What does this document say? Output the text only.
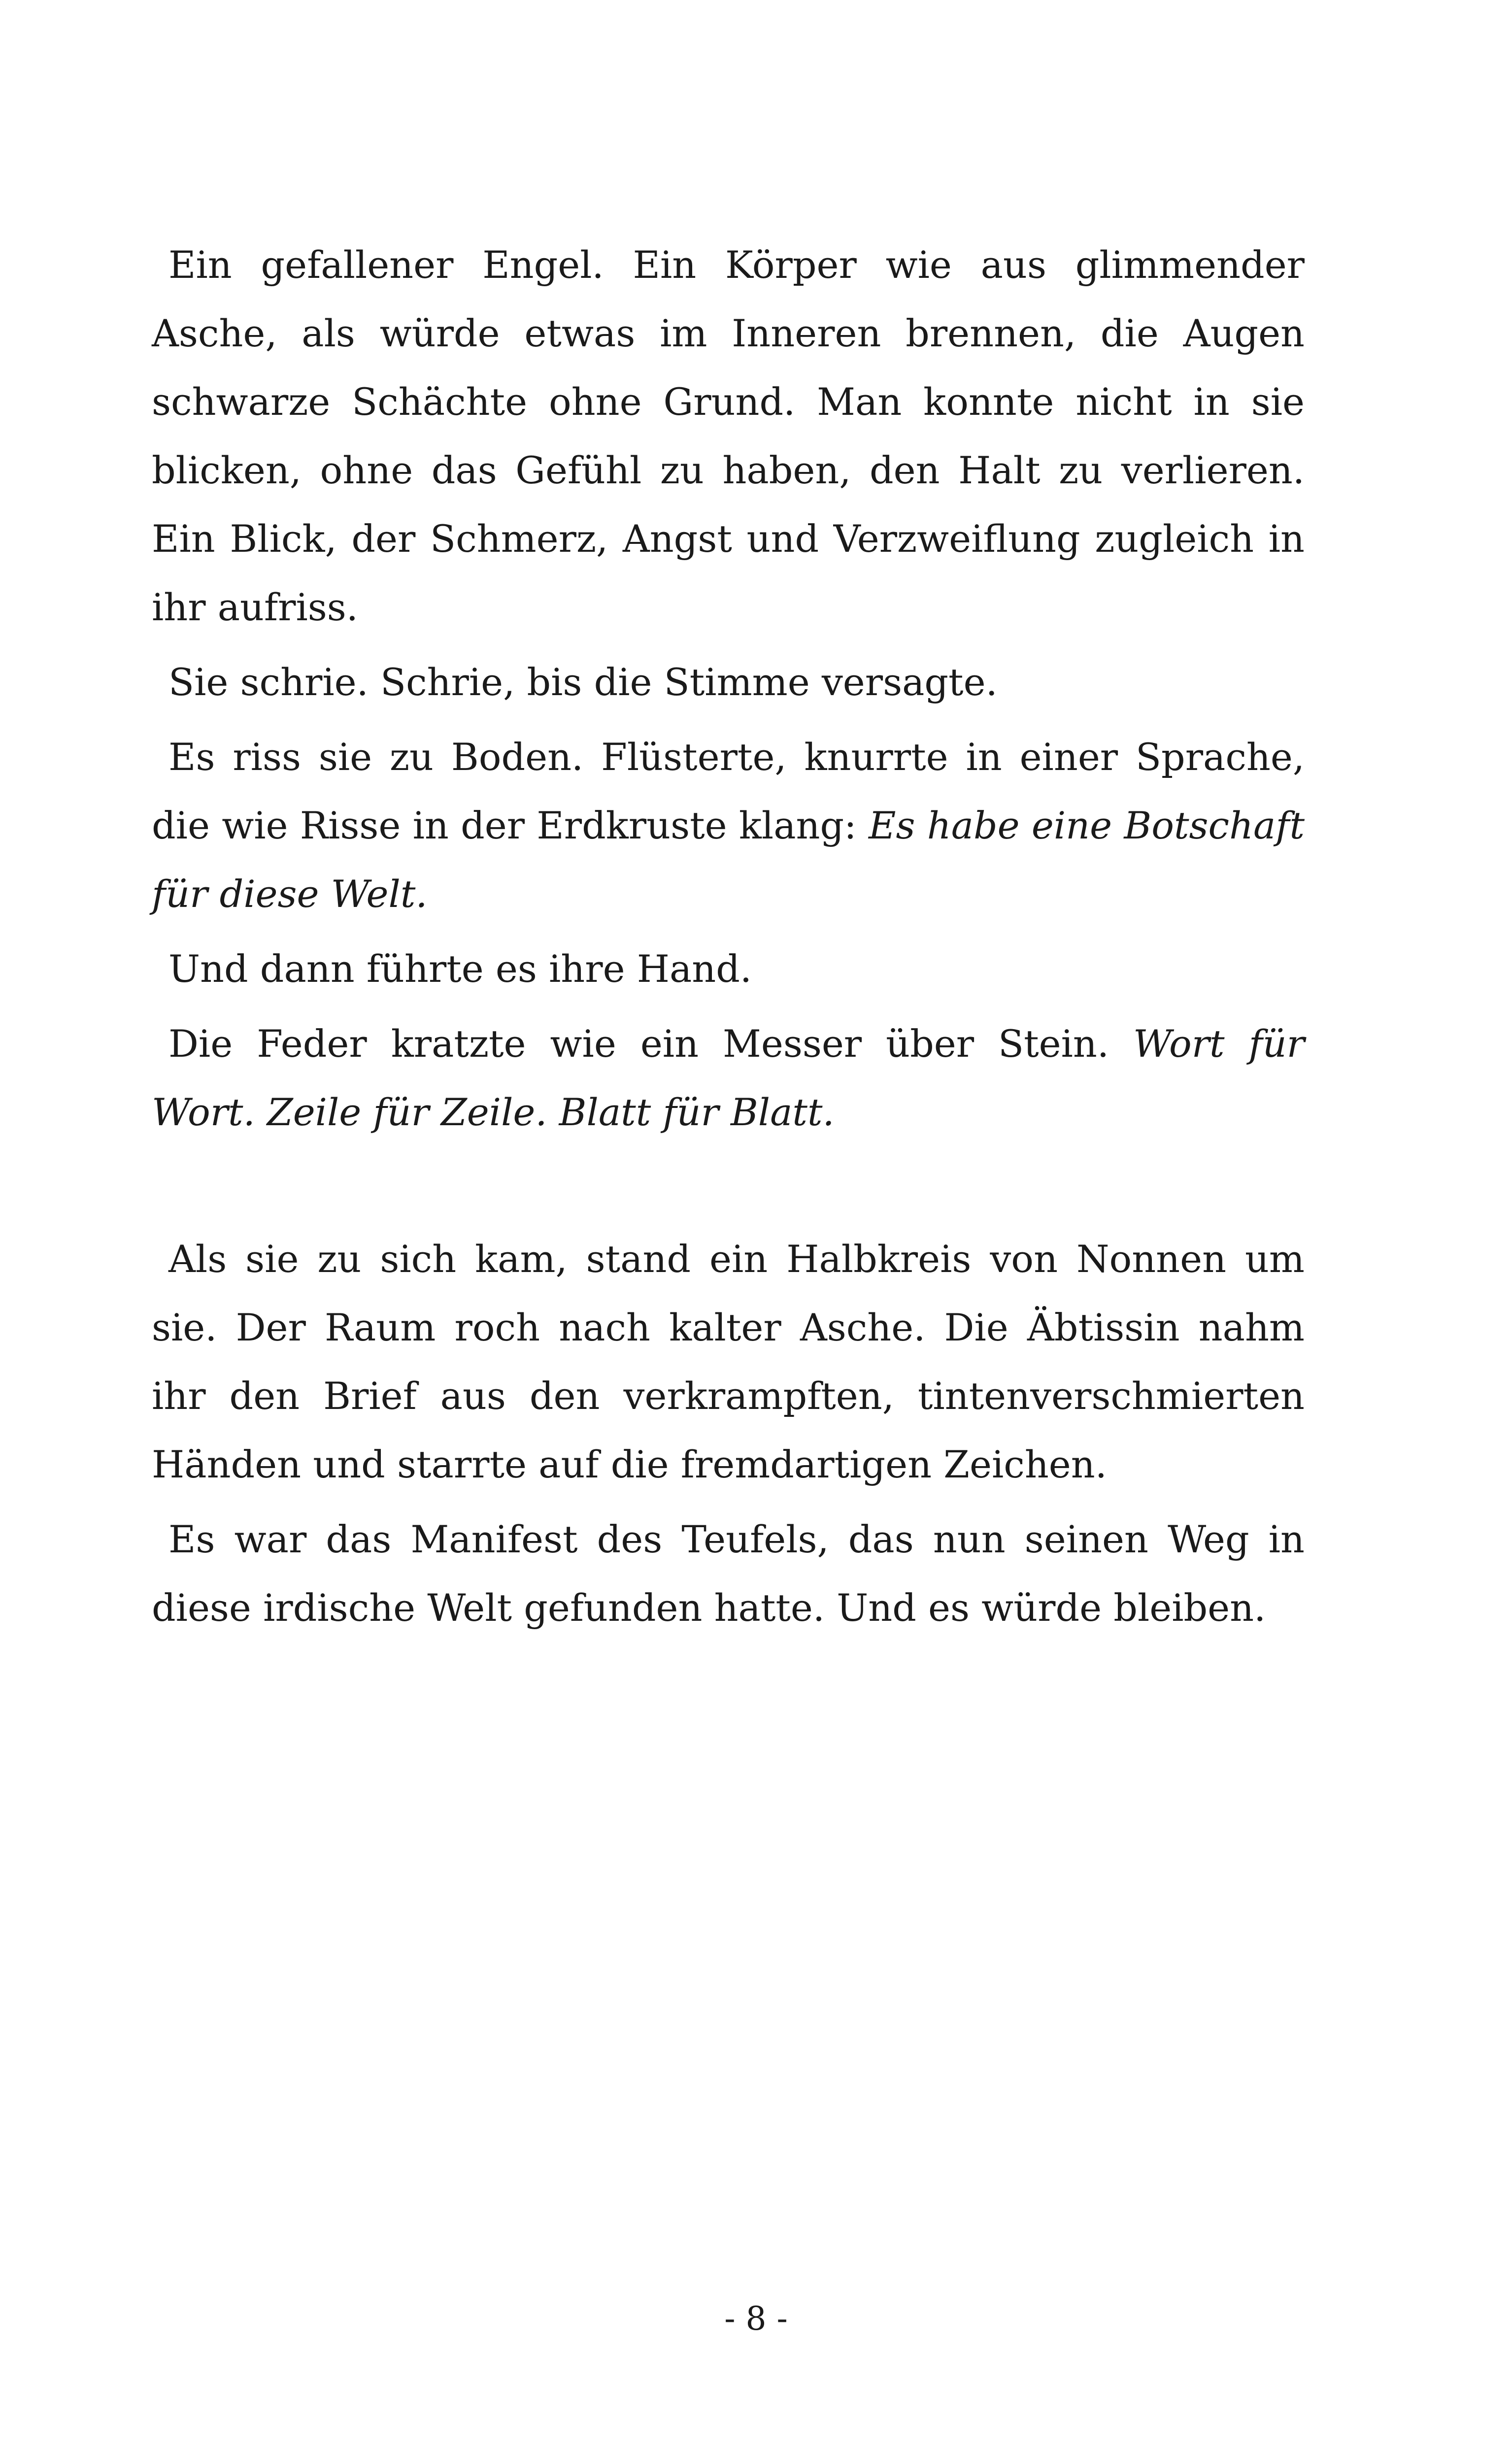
Ein gefallener Engel. Ein Körper wie aus glimmender Asche, als würde etwas im Inneren brennen, die Augen schwarze Schächte ohne Grund. Man konnte nicht in sie blicken, ohne das Gefühl zu haben, den Halt zu verlieren. Ein Blick, der Schmerz, Angst und Verzweiflung zugleich in ihr aufriss.

Sie schrie. Schrie, bis die Stimme versagte.

Es riss sie zu Boden. Flüsterte, knurrte in einer Sprache, die wie Risse in der Erdkruste klang: Es habe eine Botschaft für diese Welt.

Und dann führte es ihre Hand.

Die Feder kratzte wie ein Messer über Stein. Wort für Wort. Zeile für Zeile. Blatt für Blatt.

Als sie zu sich kam, stand ein Halbkreis von Nonnen um sie. Der Raum roch nach kalter Asche. Die Äbtissin nahm ihr den Brief aus den verkrampften, tintenverschmierten Händen und starrte auf die fremdartigen Zeichen.

Es war das Manifest des Teufels, das nun seinen Weg in diese irdische Welt gefunden hatte. Und es würde bleiben.

- 8 -
